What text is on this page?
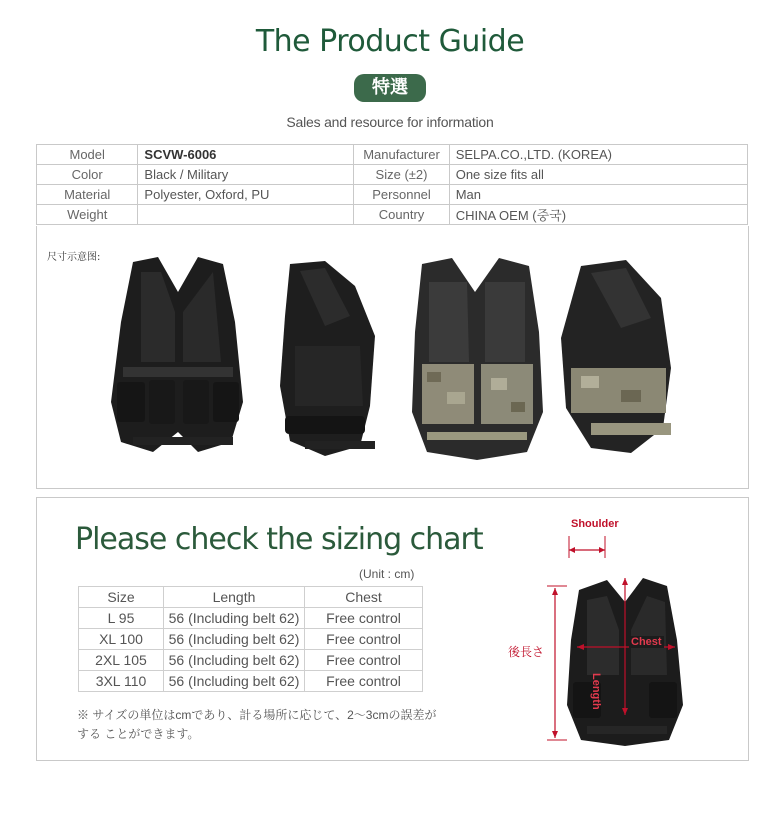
The Product Guide
特選
Sales and resource for information
Model	SCVW-6006	Manufacturer	SELPA.CO.,LTD. (KOREA)
Color	Black / Military	Size (±2)	One size fits all
Material	Polyester, Oxford, PU	Personnel	Man
Weight		Country	CHINA OEM (중국)
尺寸示意图:
Please check the sizing chart
(Unit : cm)
Size	Length	Chest
L 95	56 (Including belt 62)	Free control
XL 100	56 (Including belt 62)	Free control
2XL 105	56 (Including belt 62)	Free control
3XL 110	56 (Including belt 62)	Free control
※ サイズの単位はcmであり、計る場所に応じて、2～3cmの誤差がする ことができます。
Shoulder
Chest
Length
後長さ
